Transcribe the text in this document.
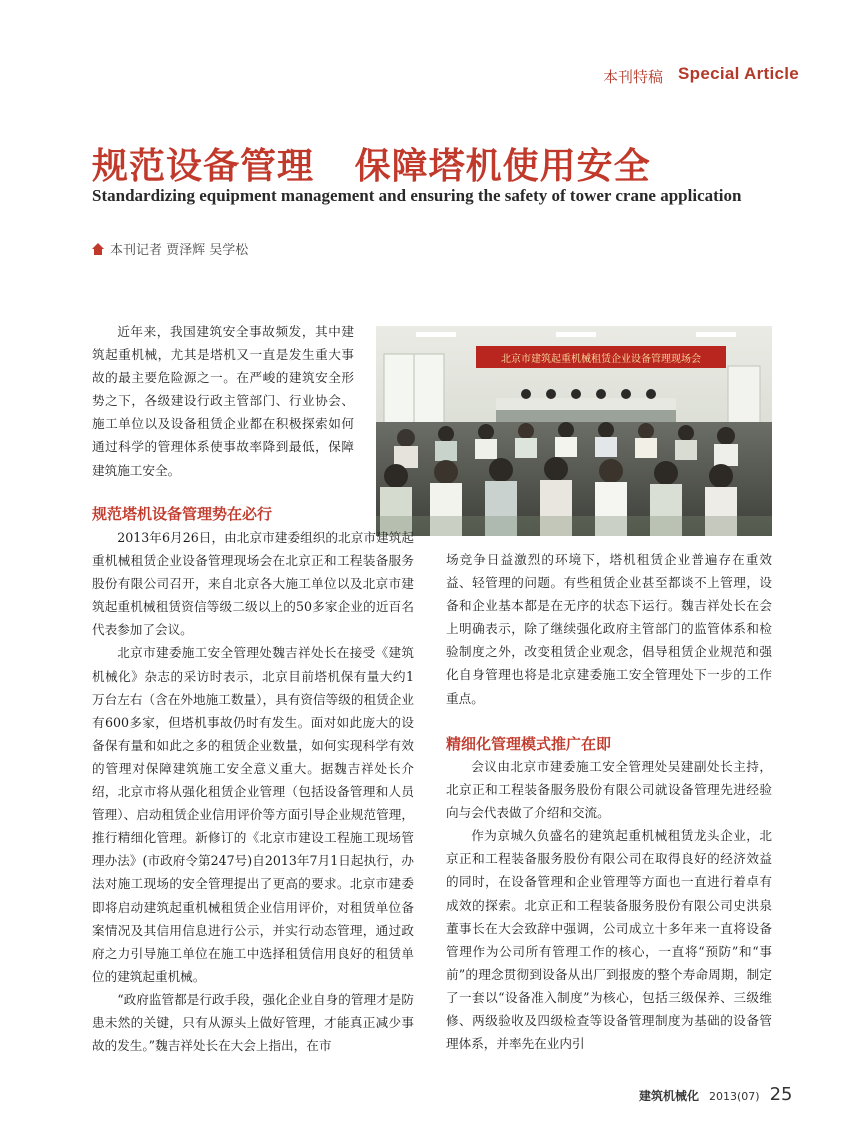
本刊特稿 Special Article
规范设备管理   保障塔机使用安全
Standardizing equipment management and ensuring the safety of tower crane application
本刊记者 贾泽辉 吴学松

近年来，我国建筑安全事故频发，其中建筑起重机械，尤其是塔机又一直是发生重大事故的最主要危险源之一。在严峻的建筑安全形势之下，各级建设行政主管部门、行业协会、施工单位以及设备租赁企业都在积极探索如何通过科学的管理体系使事故率降到最低，保障建筑施工安全。

北京市建筑起重机械租赁企业设备管理现场会
规范塔机设备管理势在必行

2013年6月26日，由北京市建委组织的北京市建筑起重机械租赁企业设备管理现场会在北京正和工程装备服务股份有限公司召开，来自北京各大施工单位以及北京市建筑起重机械租赁资信等级二级以上的50多家企业的近百名代表参加了会议。

北京市建委施工安全管理处魏吉祥处长在接受《建筑机械化》杂志的采访时表示，北京目前塔机保有量大约1万台左右（含在外地施工数量），具有资信等级的租赁企业有600多家，但塔机事故仍时有发生。面对如此庞大的设备保有量和如此之多的租赁企业数量，如何实现科学有效的管理对保障建筑施工安全意义重大。据魏吉祥处长介绍，北京市将从强化租赁企业管理（包括设备管理和人员管理）、启动租赁企业信用评价等方面引导企业规范管理，推行精细化管理。新修订的《北京市建设工程施工现场管理办法》(市政府令第247号)自2013年7月1日起执行，办法对施工现场的安全管理提出了更高的要求。北京市建委即将启动建筑起重机械租赁企业信用评价，对租赁单位备案情况及其信用信息进行公示，并实行动态管理，通过政府之力引导施工单位在施工中选择租赁信用良好的租赁单位的建筑起重机械。

“政府监管都是行政手段，强化企业自身的管理才是防患未然的关键，只有从源头上做好管理，才能真正减少事故的发生。”魏吉祥处长在大会上指出，在市

场竞争日益激烈的环境下，塔机租赁企业普遍存在重效益、轻管理的问题。有些租赁企业甚至都谈不上管理，设备和企业基本都是在无序的状态下运行。魏吉祥处长在会上明确表示，除了继续强化政府主管部门的监管体系和检验制度之外，改变租赁企业观念，倡导租赁企业规范和强化自身管理也将是北京建委施工安全管理处下一步的工作重点。

精细化管理模式推广在即

会议由北京市建委施工安全管理处吴建副处长主持，北京正和工程装备服务股份有限公司就设备管理先进经验向与会代表做了介绍和交流。

作为京城久负盛名的建筑起重机械租赁龙头企业，北京正和工程装备服务股份有限公司在取得良好的经济效益的同时，在设备管理和企业管理等方面也一直进行着卓有成效的探索。北京正和工程装备服务股份有限公司史洪泉董事长在大会致辞中强调，公司成立十多年来一直将设备管理作为公司所有管理工作的核心，一直将“预防”和“事前”的理念贯彻到设备从出厂到报废的整个寿命周期，制定了一套以“设备准入制度”为核心，包括三级保养、三级维修、两级验收及四级检查等设备管理制度为基础的设备管理体系，并率先在业内引

建筑机械化 2013(07) 25
